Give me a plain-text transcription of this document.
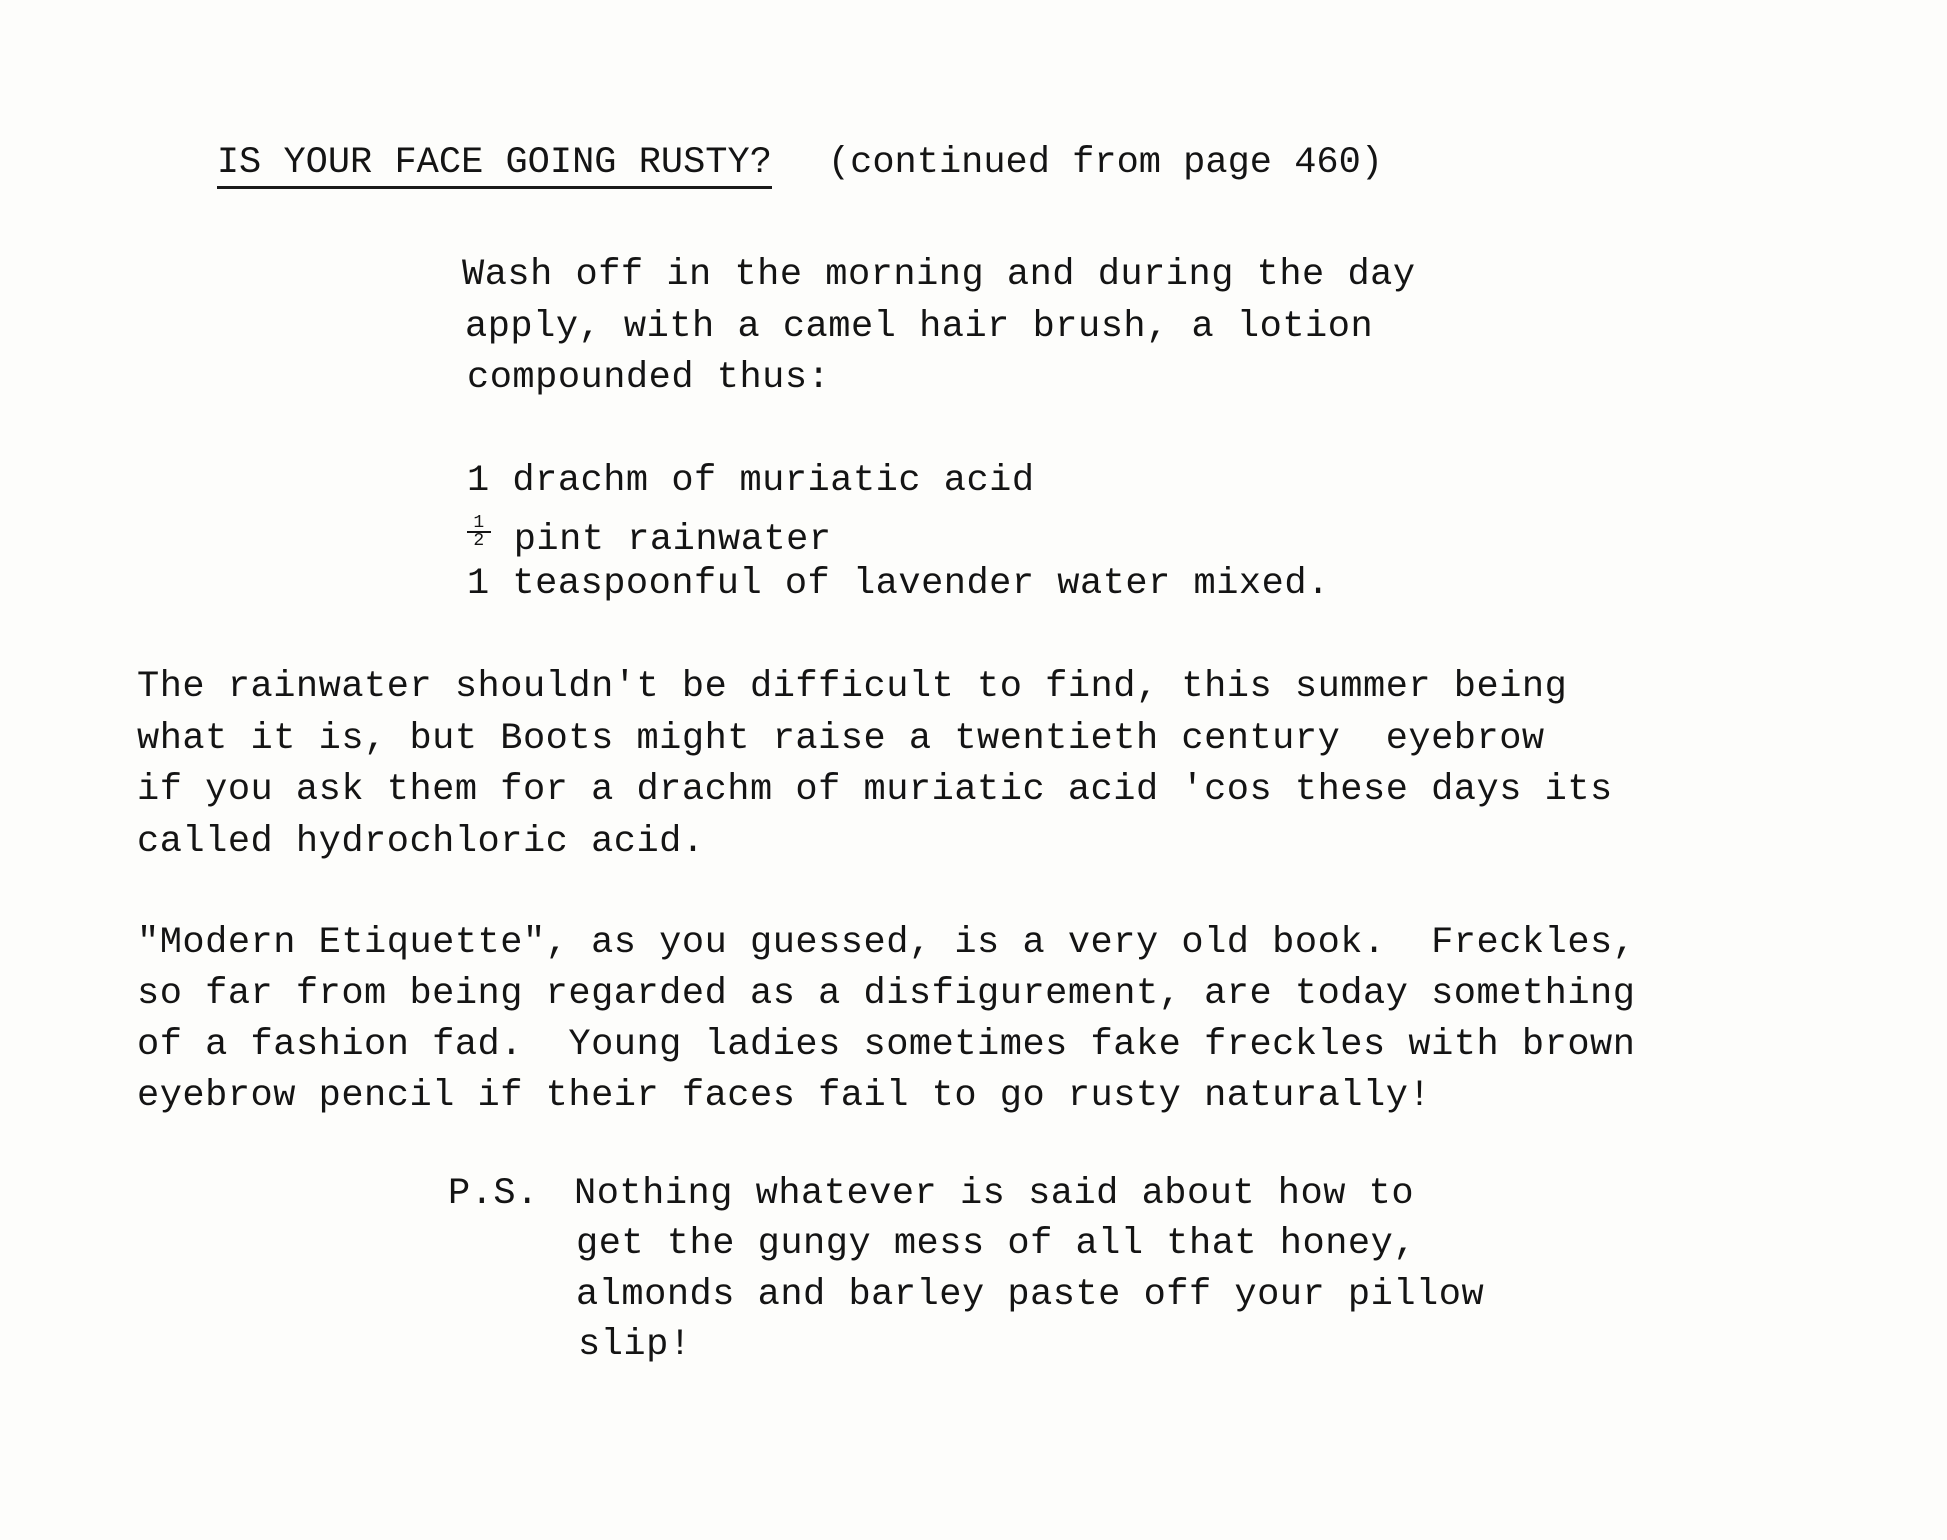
IS YOUR FACE GOING RUSTY? (continued from page 460)

Wash off in the morning and during the day
apply, with a camel hair brush, a lotion
compounded thus:
1 drachm of muriatic acid
$\frac{1}{2}$ pint rainwater
1 teaspoonful of lavender water mixed.
The rainwater shouldn't be difficult to find, this summer being
what it is, but Boots might raise a twentieth century  eyebrow
if you ask them for a drachm of muriatic acid 'cos these days its
called hydrochloric acid.
"Modern Etiquette", as you guessed, is a very old book.  Freckles,
so far from being regarded as a disfigurement, are today something
of a fashion fad.  Young ladies sometimes fake freckles with brown
eyebrow pencil if their faces fail to go rusty naturally!
P.S. Nothing whatever is said about how to
get the gungy mess of all that honey,
almonds and barley paste off your pillow
slip!
